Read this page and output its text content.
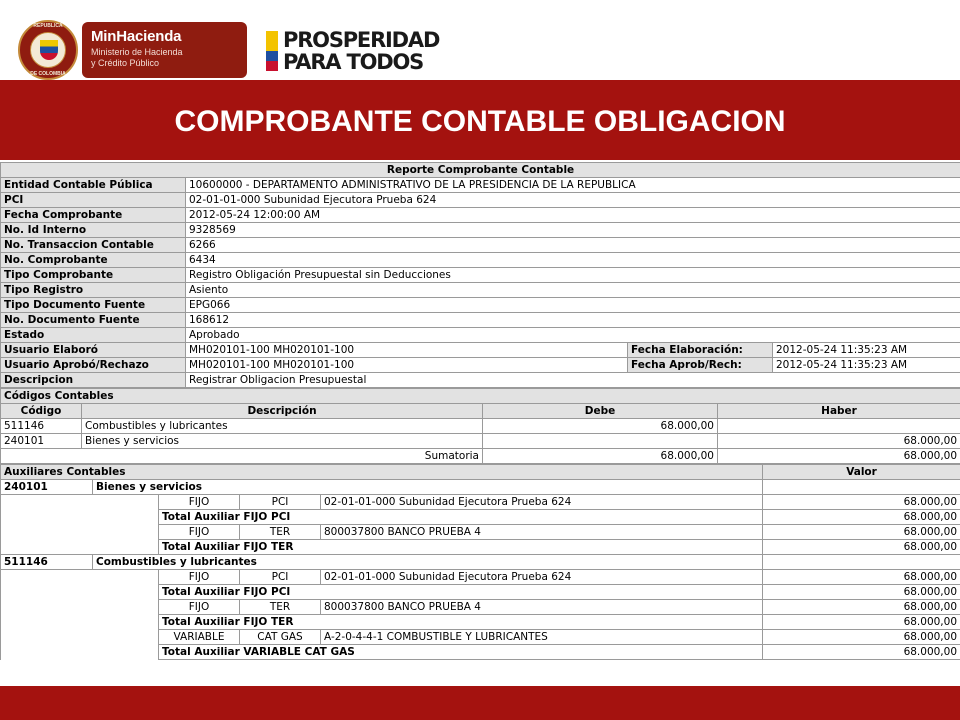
REPUBLICA
DE COLOMBIA
MinHacienda
Ministerio de Hacienda
y Crédito Público
PROSPERIDAD
PARA TODOS
COMPROBANTE CONTABLE OBLIGACION
Reporte Comprobante Contable			
Entidad Contable Pública	10600000 - DEPARTAMENTO ADMINISTRATIVO DE LA PRESIDENCIA DE LA REPUBLICA		
PCI	02-01-01-000 Subunidad Ejecutora Prueba 624		
Fecha Comprobante	2012-05-24 12:00:00 AM		
No. Id Interno	9328569		
No. Transaccion Contable	6266		
No. Comprobante	6434		
Tipo Comprobante	Registro Obligación Presupuestal sin Deducciones		
Tipo Registro	Asiento		
Tipo Documento Fuente	EPG066		
No. Documento Fuente	168612		
Estado	Aprobado		
Usuario Elaboró	MH020101-100 MH020101-100	Fecha Elaboración:	2012-05-24 11:35:23 AM
Usuario Aprobó/Rechazo	MH020101-100 MH020101-100	Fecha Aprob/Rech:	2012-05-24 11:35:23 AM
Descripcion	Registrar Obligacion Presupuestal		
Códigos Contables			
Código	Descripción	Debe	Haber
511146	Combustibles y lubricantes	68.000,00	
240101	Bienes y servicios		68.000,00
Sumatoria		68.000,00	68.000,00
Auxiliares Contables					Valor
240101	Bienes y servicios				
		FIJO	PCI	02-01-01-000 Subunidad Ejecutora Prueba 624	68.000,00
		Total Auxiliar FIJO PCI			68.000,00
		FIJO	TER	800037800 BANCO PRUEBA 4	68.000,00
		Total Auxiliar FIJO TER			68.000,00
511146	Combustibles y lubricantes				
		FIJO	PCI	02-01-01-000 Subunidad Ejecutora Prueba 624	68.000,00
		Total Auxiliar FIJO PCI			68.000,00
		FIJO	TER	800037800 BANCO PRUEBA 4	68.000,00
		Total Auxiliar FIJO TER			68.000,00
		VARIABLE	CAT GAS	A-2-0-4-4-1 COMBUSTIBLE Y LUBRICANTES	68.000,00
		Total Auxiliar VARIABLE CAT GAS			68.000,00
